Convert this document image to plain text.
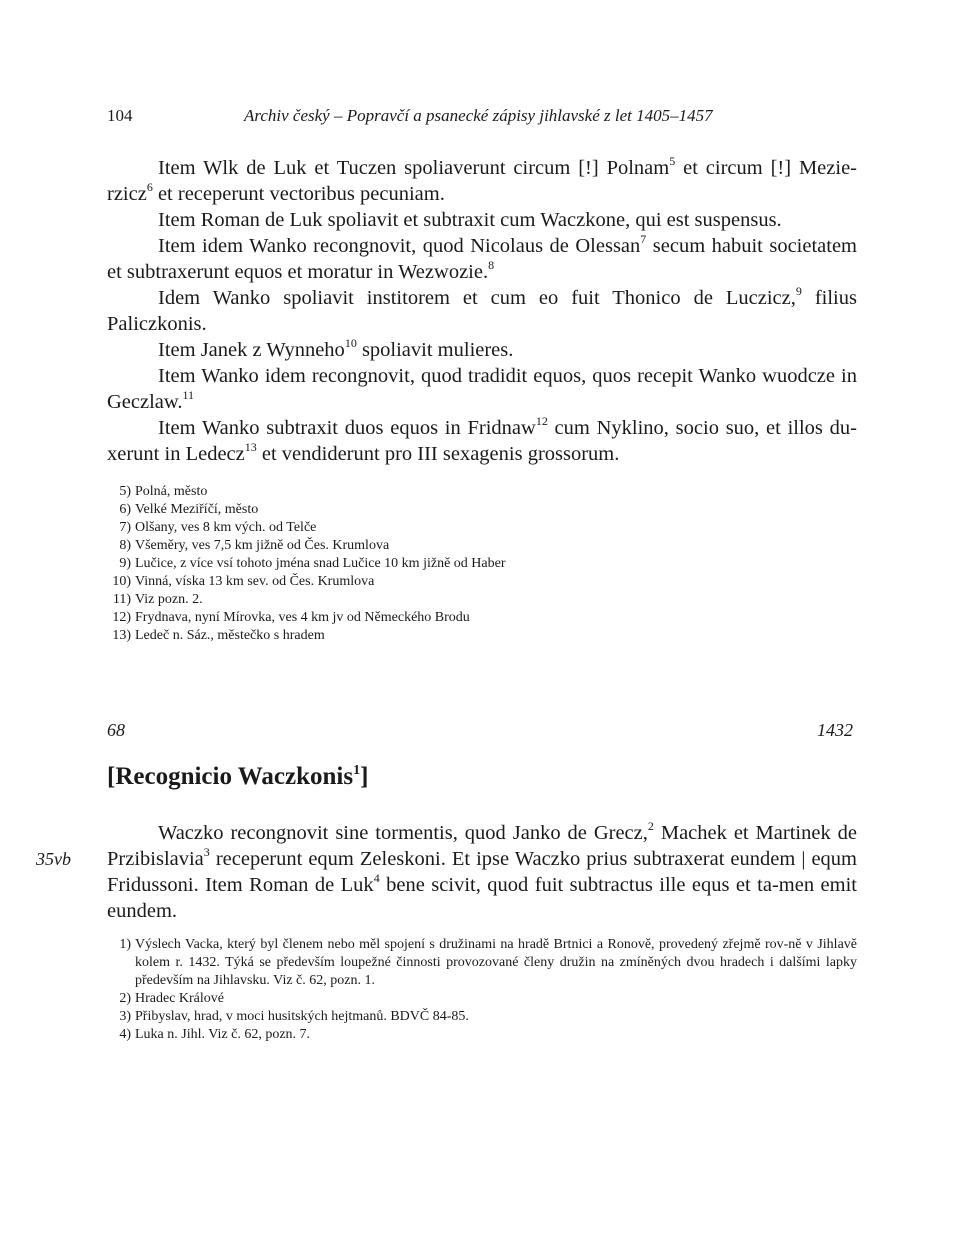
104	Archiv český – Popravčí a psanecké zápisy jihlavské z let 1405–1457

Item Wlk de Luk et Tuczen spoliaverunt circum [!] Polnam$^5$ et circum [!] Mezie-rzicz$^6$ et receperunt vectoribus pecuniam.

Item Roman de Luk spoliavit et subtraxit cum Waczkone, qui est suspensus.

Item idem Wanko recongnovit, quod Nicolaus de Olessan$^7$ secum habuit societatem et subtraxerunt equos et moratur in Wezwozie.$^8$

Idem Wanko spoliavit institorem et cum eo fuit Thonico de Luczicz,$^9$ filius Paliczkonis.

Item Janek z Wynneho$^{10}$ spoliavit mulieres.

Item Wanko idem recongnovit, quod tradidit equos, quos recepit Wanko wuodcze in Geczlaw.$^{11}$

Item Wanko subtraxit duos equos in Fridnaw$^{12}$ cum Nyklino, socio suo, et illos du-xerunt in Ledecz$^{13}$ et vendiderunt pro III sexagenis grossorum.

5) Polná, město
6) Velké Meziříčí, město
7) Olšany, ves 8 km vých. od Telče
8) Všeměry, ves 7,5 km jižně od Čes. Krumlova
9) Lučice, z více vsí tohoto jména snad Lučice 10 km jižně od Haber
10) Vinná, víska 13 km sev. od Čes. Krumlova
11) Viz pozn. 2.
12) Frydnava, nyní Mírovka, ves 4 km jv od Německého Brodu
13) Ledeč n. Sáz., městečko s hradem
68	1432
[Recognicio Waczkonis$^1$]
35vb

Waczko recongnovit sine tormentis, quod Janko de Grecz,$^2$ Machek et Martinek de Przibislavia$^3$ receperunt equm Zeleskoni. Et ipse Waczko prius subtraxerat eundem | equm Fridussoni. Item Roman de Luk$^4$ bene scivit, quod fuit subtractus ille equs et ta-men emit eundem.

1) Výslech Vacka, který byl členem nebo měl spojení s družinami na hradě Brtnici a Ronově, provedený zřejmě rov-ně v Jihlavě kolem r. 1432. Týká se především loupežné činnosti provozované členy družin na zmíněných dvou hradech i dalšími lapky především na Jihlavsku. Viz č. 62, pozn. 1.
2) Hradec Králové
3) Přibyslav, hrad, v moci husitských hejtmanů. BDVČ 84-85.
4) Luka n. Jihl. Viz č. 62, pozn. 7.
